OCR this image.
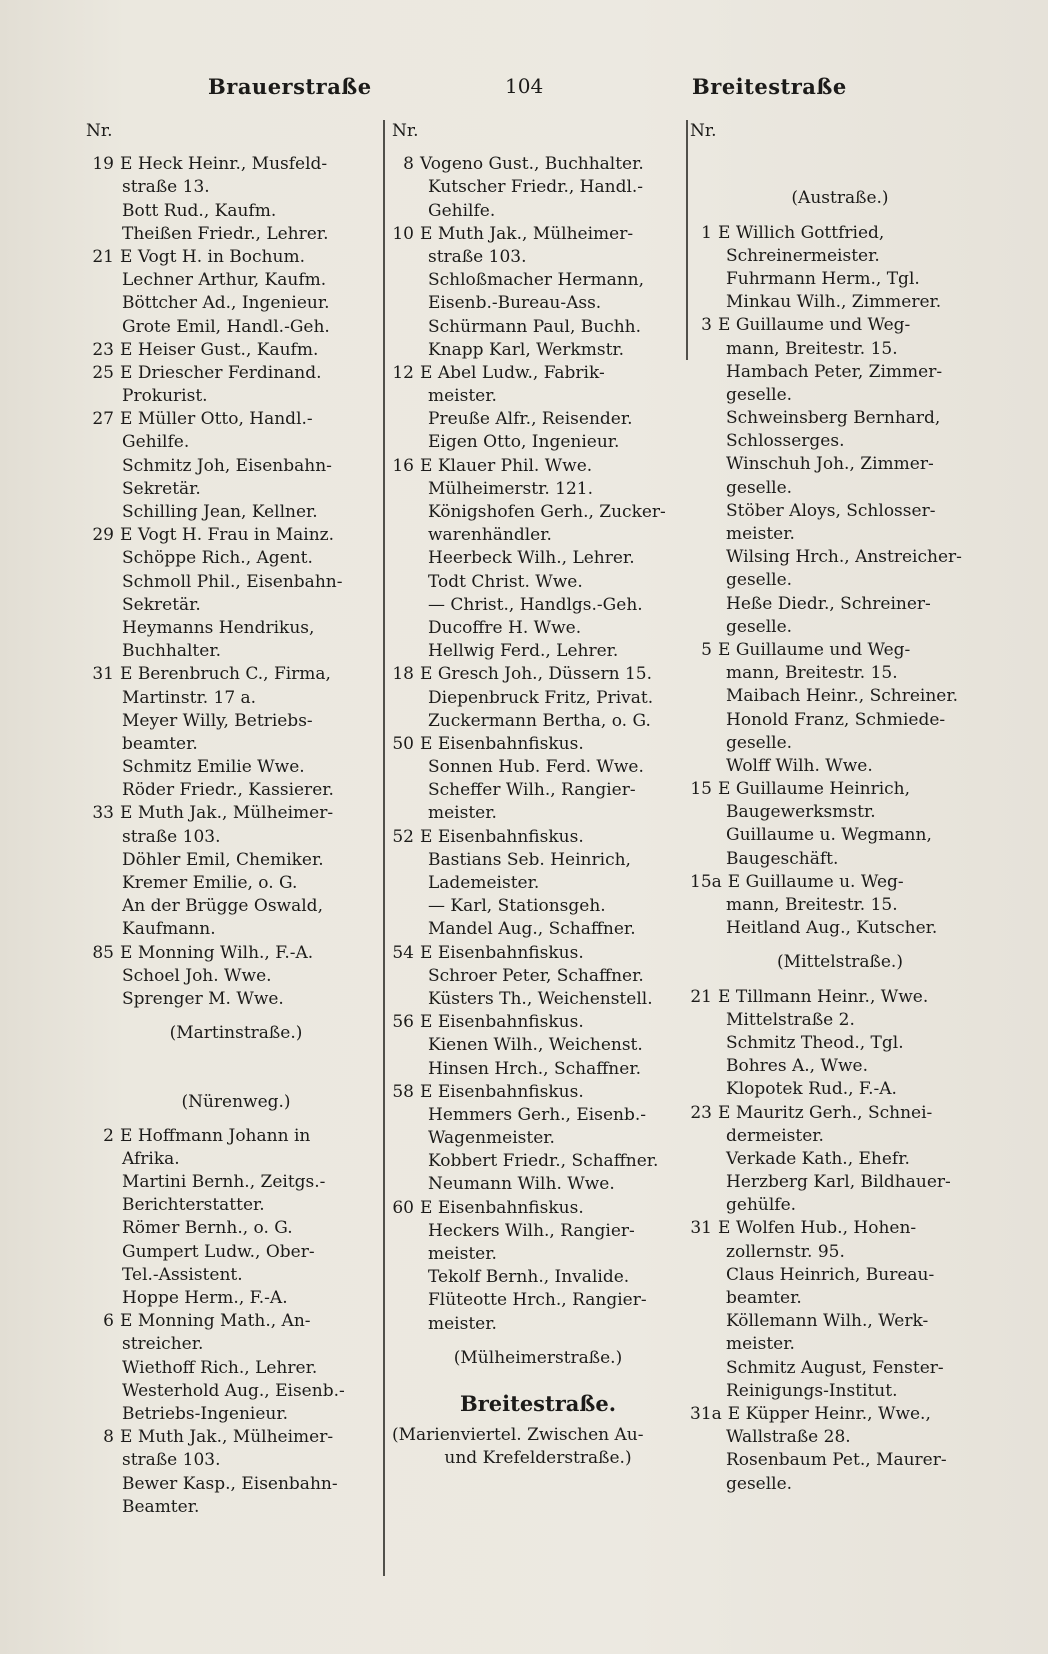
Brauerstraße	104	Breitestraße
Nr.
19 E Heck Heinr., Musfeld-
straße 13.
Bott Rud., Kaufm.
Theißen Friedr., Lehrer.
21 E Vogt H. in Bochum.
Lechner Arthur, Kaufm.
Böttcher Ad., Ingenieur.
Grote Emil, Handl.-Geh.
23 E Heiser Gust., Kaufm.
25 E Driescher Ferdinand.
Prokurist.
27 E Müller Otto, Handl.-
Gehilfe.
Schmitz Joh, Eisenbahn-
Sekretär.
Schilling Jean, Kellner.
29 E Vogt H. Frau in Mainz.
Schöppe Rich., Agent.
Schmoll Phil., Eisenbahn-
Sekretär.
Heymanns Hendrikus,
Buchhalter.
31 E Berenbruch C., Firma,
Martinstr. 17 a.
Meyer Willy, Betriebs-
beamter.
Schmitz Emilie Wwe.
Röder Friedr., Kassierer.
33 E Muth Jak., Mülheimer-
straße 103.
Döhler Emil, Chemiker.
Kremer Emilie, o. G.
An der Brügge Oswald,
Kaufmann.
85 E Monning Wilh., F.-A.
Schoel Joh. Wwe.
Sprenger M. Wwe.
(Martinstraße.)
(Nürenweg.)
2 E Hoffmann Johann in
Afrika.
Martini Bernh., Zeitgs.-
Berichterstatter.
Römer Bernh., o. G.
Gumpert Ludw., Ober-
Tel.-Assistent.
Hoppe Herm., F.-A.
6 E Monning Math., An-
streicher.
Wiethoff Rich., Lehrer.
Westerhold Aug., Eisenb.-
Betriebs-Ingenieur.
8 E Muth Jak., Mülheimer-
straße 103.
Bewer Kasp., Eisenbahn-
Beamter.
Nr.
8 Vogeno Gust., Buchhalter.
Kutscher Friedr., Handl.-
Gehilfe.
10 E Muth Jak., Mülheimer-
straße 103.
Schloßmacher Hermann,
Eisenb.-Bureau-Ass.
Schürmann Paul, Buchh.
Knapp Karl, Werkmstr.
12 E Abel Ludw., Fabrik-
meister.
Preuße Alfr., Reisender.
Eigen Otto, Ingenieur.
16 E Klauer Phil. Wwe.
Mülheimerstr. 121.
Königshofen Gerh., Zucker-
warenhändler.
Heerbeck Wilh., Lehrer.
Todt Christ. Wwe.
— Christ., Handlgs.-Geh.
Ducoffre H. Wwe.
Hellwig Ferd., Lehrer.
18 E Gresch Joh., Düssern 15.
Diepenbruck Fritz, Privat.
Zuckermann Bertha, o. G.
50 E Eisenbahnfiskus.
Sonnen Hub. Ferd. Wwe.
Scheffer Wilh., Rangier-
meister.
52 E Eisenbahnfiskus.
Bastians Seb. Heinrich,
Lademeister.
— Karl, Stationsgeh.
Mandel Aug., Schaffner.
54 E Eisenbahnfiskus.
Schroer Peter, Schaffner.
Küsters Th., Weichenstell.
56 E Eisenbahnfiskus.
Kienen Wilh., Weichenst.
Hinsen Hrch., Schaffner.
58 E Eisenbahnfiskus.
Hemmers Gerh., Eisenb.-
Wagenmeister.
Kobbert Friedr., Schaffner.
Neumann Wilh. Wwe.
60 E Eisenbahnfiskus.
Heckers Wilh., Rangier-
meister.
Tekolf Bernh., Invalide.
Flüteotte Hrch., Rangier-
meister.
(Mülheimerstraße.)
Breitestraße.
(Marienviertel. Zwischen Au-
und Krefelderstraße.)
Nr.
(Austraße.)
1 E Willich Gottfried,
Schreinermeister.
Fuhrmann Herm., Tgl.
Minkau Wilh., Zimmerer.
3 E Guillaume und Weg-
mann, Breitestr. 15.
Hambach Peter, Zimmer-
geselle.
Schweinsberg Bernhard,
Schlosserges.
Winschuh Joh., Zimmer-
geselle.
Stöber Aloys, Schlosser-
meister.
Wilsing Hrch., Anstreicher-
geselle.
Heße Diedr., Schreiner-
geselle.
5 E Guillaume und Weg-
mann, Breitestr. 15.
Maibach Heinr., Schreiner.
Honold Franz, Schmiede-
geselle.
Wolff Wilh. Wwe.
15 E Guillaume Heinrich,
Baugewerksmstr.
Guillaume u. Wegmann,
Baugeschäft.
15a E Guillaume u. Weg-
mann, Breitestr. 15.
Heitland Aug., Kutscher.
(Mittelstraße.)
21 E Tillmann Heinr., Wwe.
Mittelstraße 2.
Schmitz Theod., Tgl.
Bohres A., Wwe.
Klopotek Rud., F.-A.
23 E Mauritz Gerh., Schnei-
dermeister.
Verkade Kath., Ehefr.
Herzberg Karl, Bildhauer-
gehülfe.
31 E Wolfen Hub., Hohen-
zollernstr. 95.
Claus Heinrich, Bureau-
beamter.
Köllemann Wilh., Werk-
meister.
Schmitz August, Fenster-
Reinigungs-Institut.
31a E Küpper Heinr., Wwe.,
Wallstraße 28.
Rosenbaum Pet., Maurer-
geselle.
